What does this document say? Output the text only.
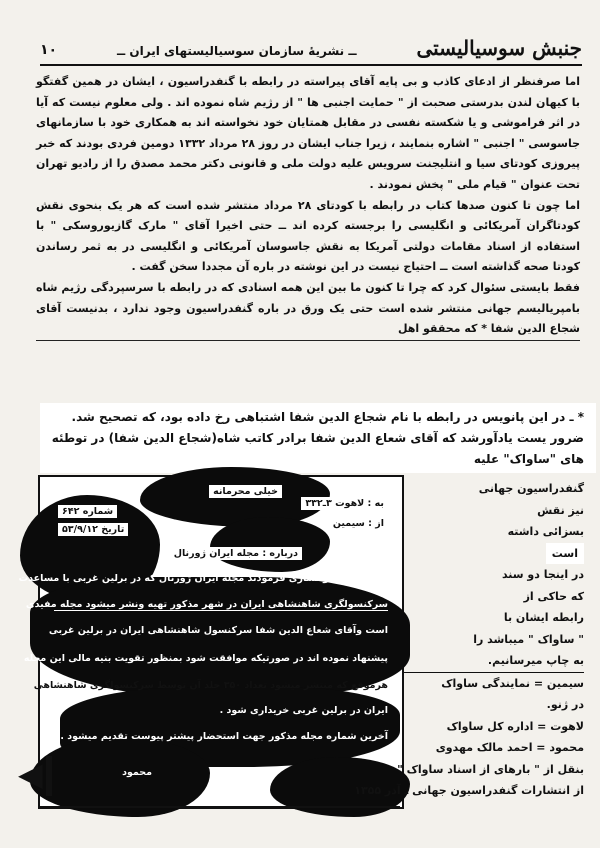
جنبش سوسیالیستی
ــ نشریهٔ سازمان سوسیالیستهای ایران ــ
۱۰

اما صرفنظر از ادعای کاذب و بی پایه آقای پیراسته در رابطه با گنفدراسیون ، ایشان در همین گفتگو با کیهان لندن بدرستی صحبت از " حمایت اجنبی ها " از رژیم شاه نموده اند . ولی معلوم نیست که آیا در اثر فراموشی و یا شکسته نفسی در مقابل همتایان خود نخواسته اند به همکاری خود با سازمانهای جاسوسی " اجنبی " اشاره بنمایند ، زیرا جناب ایشان در روز ۲۸ مرداد ۱۳۳۲ دومین فردی بودند که خبر پیروزی کودتای سیا و انتلیجنت سرویس علیه دولت ملی و قانونی دکتر محمد مصدق را از رادیو تهران تحت عنوان " قیام ملی " پخش نمودند .

اما چون تا کنون صدها کتاب در رابطه با کودتای ۲۸ مرداد منتشر شده است که هر یک بنحوی نقش کودتاگران آمریکائی و انگلیسی را برجسته کرده اند ــ حتی اخیرا آقای " مارک گازیوروسکی " با استفاده از اسناد مقامات دولتی آمریکا به نقش جاسوسان آمریکائی و انگلیسی در به ثمر رساندن کودتا صحه گذاشته است ــ احتیاج نیست در این نوشته در باره آن مجددا سخن گفت .

فقط بایستی سئوال کرد که چرا تا کنون ما بین این همه اسنادی که در رابطه با سرسپردگی رژیم شاه بامپریالیسم جهانی منتشر شده است حتی یک ورق در باره گنفدراسیون وجود ندارد ، بدنیست آقای شجاع الدین شفا * که محققو اهل

* ـ در این پانویس در رابطه با نام شجاع الدین شفا اشتباهی رخ داده بود، که تصحیح شد. ضرور یست یادآورشد که آقای شعاع الدین شفا برادر کاتب شاه(شجاع الدین شفا) در توطئه های "ساواک" علیه
خیلی محرمانه
به : لاهوت ۳ـ۳۳۲
از : سیمین
شماره ۶۴۲
تاریخ ۵۳/۹/۱۲
درباره : مجله ایران ژورنال
جناب آقای خوانساری فرمودند مجله ایران ژورنال که در برلین غربی با مساعدت
سرکنسولگری شاهنشاهی ایران در شهر مذکور تهیه ونشر میشود مجله مفیدی
است وآقای شعاع الدین شفا سرکنسول شاهنشاهی ایران در برلین غربی
پیشنهاد نموده اند در صورتیکه موافقت شود بمنظور تقویت بنیه مالی این مجله
هرموقع که منتشر میشود تعداد ۳۵۰ جلد آن توسط سرکنسولگری شاهنشاهی
ایران در برلین غربی خریداری شود .
آخرین شماره مجله مذکور جهت استحضار پیشتر پیوست تقدیم میشود .
محمود
گنفدراسیون جهانی
نیز نقش
بسزائی داشته
است
در اینجا دو سند
که حاکی از
رابطه ایشان با
" ساواک " میباشد را
به چاپ میرسانیم.
سیمین = نمایندگی ساواک
در ژنو.
لاهوت = اداره کل ساواک
محمود = احمد مالک مهدوی
بنقل از " بارهای از اسناد ساواک "
از انتشارات گنفدراسیون جهانی ـ آذر ۱۳۵۵
◀
